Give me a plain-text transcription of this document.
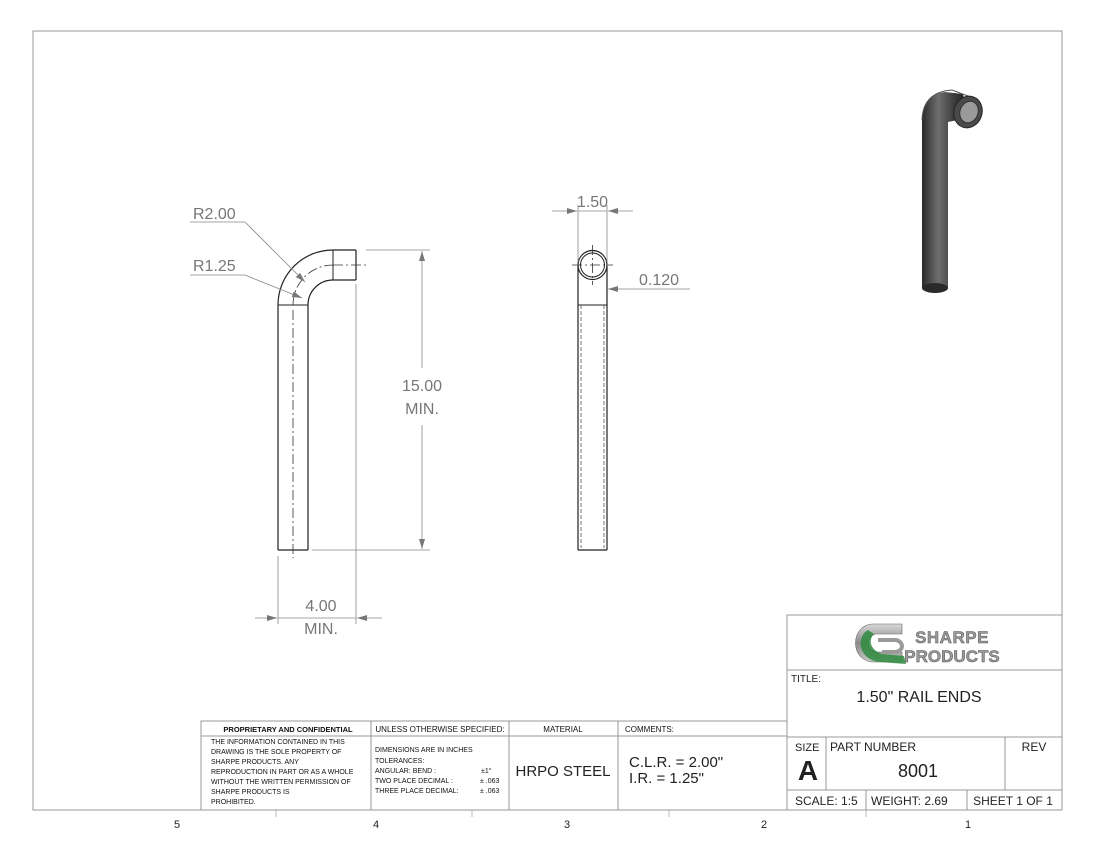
5	4	3	2	1
R2.00
R1.25
15.00
MIN.
4.00
MIN.
1.50
0.120
SHARPE
PRODUCTS
TITLE:
1.50" RAIL ENDS
SIZE
A
PART NUMBER
8001
REV
SCALE: 1:5 WEIGHT: 2.69 SHEET 1 OF 1
PROPRIETARY AND CONFIDENTIAL
THE INFORMATION CONTAINED IN THIS
DRAWING IS THE SOLE PROPERTY OF
SHARPE PRODUCTS. ANY
REPRODUCTION IN PART OR AS A WHOLE
WITHOUT THE WRITTEN PERMISSION OF
SHARPE PRODUCTS IS
PROHIBITED.
UNLESS OTHERWISE SPECIFIED:
DIMENSIONS ARE IN INCHES
TOLERANCES:
ANGULAR: BEND :	±1°
TWO PLACE DECIMAL :	± .063
THREE PLACE DECIMAL:	± .063
MATERIAL
HRPO STEEL
COMMENTS:
C.L.R. = 2.00"
I.R. = 1.25"
